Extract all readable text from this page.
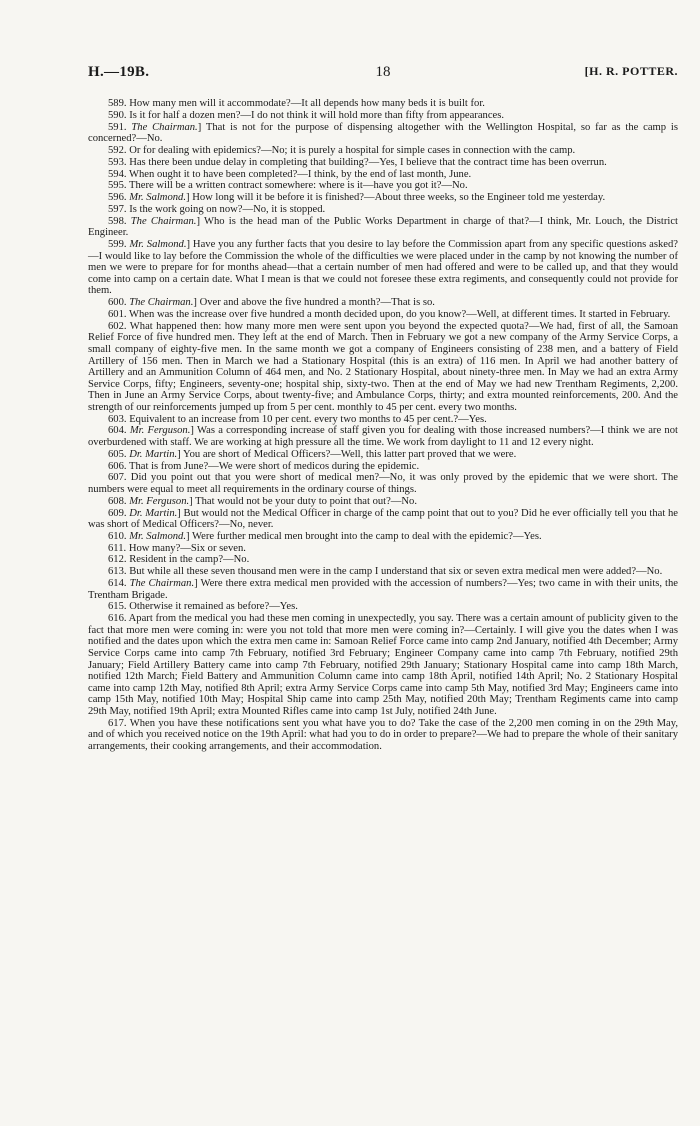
H.—19B.	18	[H. R. POTTER.

589. How many men will it accommodate?—It all depends how many beds it is built for.

590. Is it for half a dozen men?—I do not think it will hold more than fifty from appearances.

591. The Chairman.] That is not for the purpose of dispensing altogether with the Wellington Hospital, so far as the camp is concerned?—No.

592. Or for dealing with epidemics?—No; it is purely a hospital for simple cases in connection with the camp.

593. Has there been undue delay in completing that building?—Yes, I believe that the contract time has been overrun.

594. When ought it to have been completed?—I think, by the end of last month, June.

595. There will be a written contract somewhere: where is it—have you got it?—No.

596. Mr. Salmond.] How long will it be before it is finished?—About three weeks, so the Engineer told me yesterday.

597. Is the work going on now?—No, it is stopped.

598. The Chairman.] Who is the head man of the Public Works Department in charge of that?—I think, Mr. Louch, the District Engineer.

599. Mr. Salmond.] Have you any further facts that you desire to lay before the Commission apart from any specific questions asked?—I would like to lay before the Commission the whole of the difficulties we were placed under in the camp by not knowing the number of men we were to prepare for for months ahead—that a certain number of men had offered and were to be called up, and that they would come into camp on a certain date. What I mean is that we could not foresee these extra regiments, and consequently could not provide for them.

600. The Chairman.] Over and above the five hundred a month?—That is so.

601. When was the increase over five hundred a month decided upon, do you know?—Well, at different times. It started in February.

602. What happened then: how many more men were sent upon you beyond the expected quota?—We had, first of all, the Samoan Relief Force of five hundred men. They left at the end of March. Then in February we got a new company of the Army Service Corps, a small company of eighty-five men. In the same month we got a company of Engineers consisting of 238 men, and a battery of Field Artillery of 156 men. Then in March we had a Stationary Hospital (this is an extra) of 116 men. In April we had another battery of Artillery and an Ammunition Column of 464 men, and No. 2 Stationary Hospital, about ninety-three men. In May we had an extra Army Service Corps, fifty; Engineers, seventy-one; hospital ship, sixty-two. Then at the end of May we had new Trentham Regiments, 2,200. Then in June an Army Service Corps, about twenty-five; and Ambulance Corps, thirty; and extra mounted reinforcements, 200. And the strength of our reinforcements jumped up from 5 per cent. monthly to 45 per cent. every two months.

603. Equivalent to an increase from 10 per cent. every two months to 45 per cent.?—Yes.

604. Mr. Ferguson.] Was a corresponding increase of staff given you for dealing with those increased numbers?—I think we are not overburdened with staff. We are working at high pressure all the time. We work from daylight to 11 and 12 every night.

605. Dr. Martin.] You are short of Medical Officers?—Well, this latter part proved that we were.

606. That is from June?—We were short of medicos during the epidemic.

607. Did you point out that you were short of medical men?—No, it was only proved by the epidemic that we were short. The numbers were equal to meet all requirements in the ordinary course of things.

608. Mr. Ferguson.] That would not be your duty to point that out?—No.

609. Dr. Martin.] But would not the Medical Officer in charge of the camp point that out to you? Did he ever officially tell you that he was short of Medical Officers?—No, never.

610. Mr. Salmond.] Were further medical men brought into the camp to deal with the epidemic?—Yes.

611. How many?—Six or seven.

612. Resident in the camp?—No.

613. But while all these seven thousand men were in the camp I understand that six or seven extra medical men were added?—No.

614. The Chairman.] Were there extra medical men provided with the accession of numbers?—Yes; two came in with their units, the Trentham Brigade.

615. Otherwise it remained as before?—Yes.

616. Apart from the medical you had these men coming in unexpectedly, you say. There was a certain amount of publicity given to the fact that more men were coming in: were you not told that more men were coming in?—Certainly. I will give you the dates when I was notified and the dates upon which the extra men came in: Samoan Relief Force came into camp 2nd January, notified 4th December; Army Service Corps came into camp 7th February, notified 3rd February; Engineer Company came into camp 7th February, notified 29th January; Field Artillery Battery came into camp 7th February, notified 29th January; Stationary Hospital came into camp 18th March, notified 12th March; Field Battery and Ammunition Column came into camp 18th April, notified 14th April; No. 2 Stationary Hospital came into camp 12th May, notified 8th April; extra Army Service Corps came into camp 5th May, notified 3rd May; Engineers came into camp 15th May, notified 10th May; Hospital Ship came into camp 25th May, notified 20th May; Trentham Regiments came into camp 29th May, notified 19th April; extra Mounted Rifles came into camp 1st July, notified 24th June.

617. When you have these notifications sent you what have you to do? Take the case of the 2,200 men coming in on the 29th May, and of which you received notice on the 19th April: what had you to do in order to prepare?—We had to prepare the whole of their sanitary arrangements, their cooking arrangements, and their accommodation.
